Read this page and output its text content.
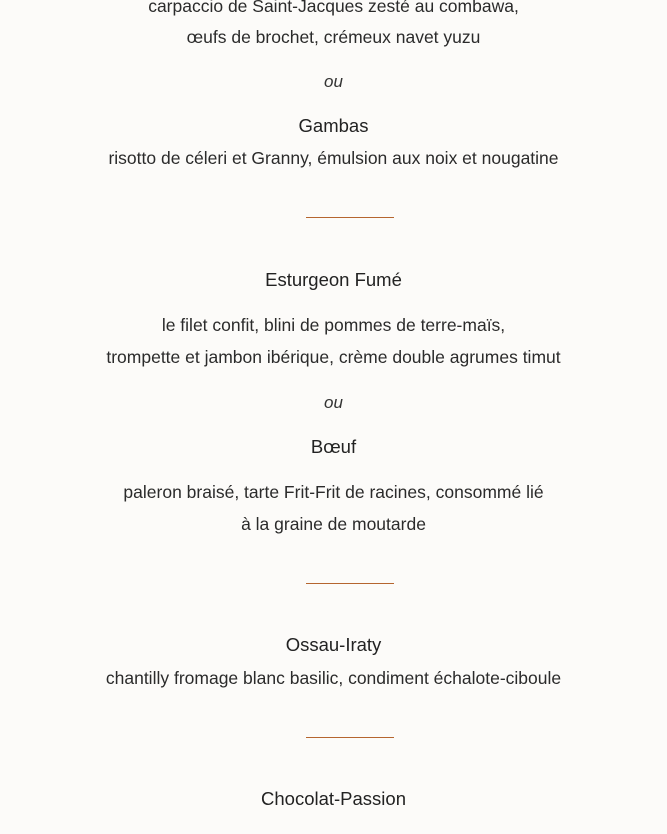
carpaccio de Saint-Jacques zesté au combawa,
œufs de brochet, crémeux navet yuzu
ou
Gambas
risotto de céleri et Granny, émulsion aux noix et nougatine
Esturgeon Fumé
le filet confit, blini de pommes de terre-maïs,
trompette et jambon ibérique, crème double agrumes timut
ou
Bœuf
paleron braisé, tarte Frit-Frit de racines, consommé lié
à la graine de moutarde
Ossau-Iraty
chantilly fromage blanc basilic, condiment échalote-ciboule
Chocolat-Passion
